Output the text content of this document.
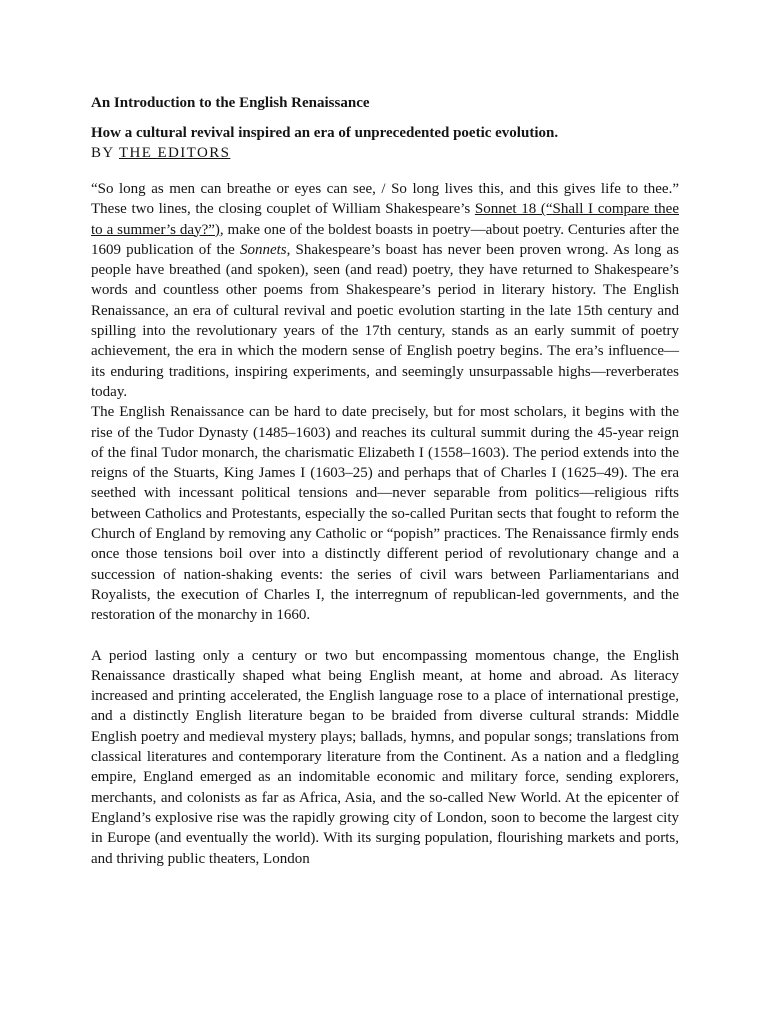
An Introduction to the English Renaissance
How a cultural revival inspired an era of unprecedented poetic evolution.
BY THE EDITORS

“So long as men can breathe or eyes can see, / So long lives this, and this gives life to thee.” These two lines, the closing couplet of William Shakespeare’s Sonnet 18 (“Shall I compare thee to a summer’s day?”), make one of the boldest boasts in poetry—about poetry. Centuries after the 1609 publication of the Sonnets, Shakespeare’s boast has never been proven wrong. As long as people have breathed (and spoken), seen (and read) poetry, they have returned to Shakespeare’s words and countless other poems from Shakespeare’s period in literary history. The English Renaissance, an era of cultural revival and poetic evolution starting in the late 15th century and spilling into the revolutionary years of the 17th century, stands as an early summit of poetry achievement, the era in which the modern sense of English poetry begins. The era’s influence—its enduring traditions, inspiring experiments, and seemingly unsurpassable highs—reverberates today.

The English Renaissance can be hard to date precisely, but for most scholars, it begins with the rise of the Tudor Dynasty (1485–1603) and reaches its cultural summit during the 45-year reign of the final Tudor monarch, the charismatic Elizabeth I (1558–1603). The period extends into the reigns of the Stuarts, King James I (1603–25) and perhaps that of Charles I (1625–49). The era seethed with incessant political tensions and—never separable from politics—religious rifts between Catholics and Protestants, especially the so-called Puritan sects that fought to reform the Church of England by removing any Catholic or “popish” practices. The Renaissance firmly ends once those tensions boil over into a distinctly different period of revolutionary change and a succession of nation-shaking events: the series of civil wars between Parliamentarians and Royalists, the execution of Charles I, the interregnum of republican-led governments, and the restoration of the monarchy in 1660.

A period lasting only a century or two but encompassing momentous change, the English Renaissance drastically shaped what being English meant, at home and abroad. As literacy increased and printing accelerated, the English language rose to a place of international prestige, and a distinctly English literature began to be braided from diverse cultural strands: Middle English poetry and medieval mystery plays; ballads, hymns, and popular songs; translations from classical literatures and contemporary literature from the Continent. As a nation and a fledgling empire, England emerged as an indomitable economic and military force, sending explorers, merchants, and colonists as far as Africa, Asia, and the so-called New World. At the epicenter of England’s explosive rise was the rapidly growing city of London, soon to become the largest city in Europe (and eventually the world). With its surging population, flourishing markets and ports, and thriving public theaters, London
